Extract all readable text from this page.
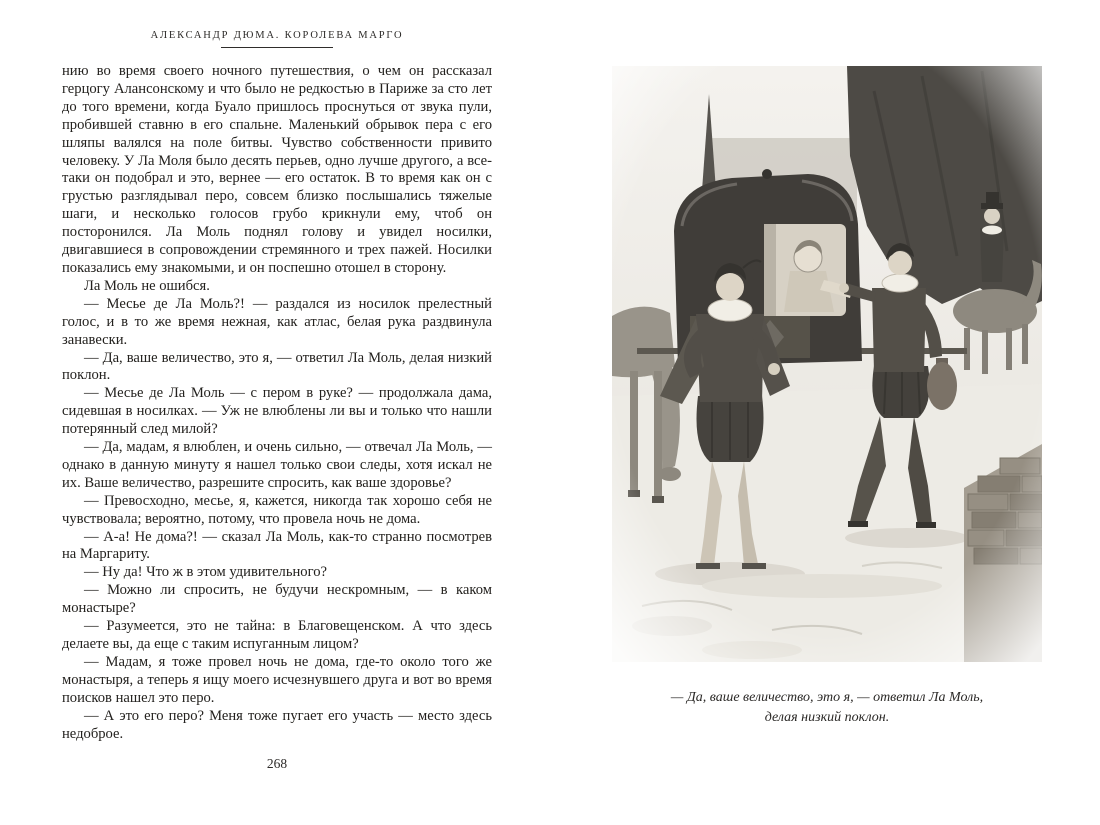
АЛЕКСАНДР ДЮМА. КОРОЛЕВА МАРГО

нию во время своего ночного путешествия, о чем он рассказал герцогу Алансонскому и что было не редкостью в Париже за сто лет до того времени, когда Буало пришлось проснуться от звука пули, пробившей ставню в его спальне. Маленький обрывок пера с его шляпы валялся на поле битвы. Чувство собственности привито человеку. У Ла Моля было десять перьев, одно лучше другого, а все-таки он подобрал и это, вернее — его остаток. В то время как он с грустью разглядывал перо, совсем близко послышались тяжелые шаги, и несколько голосов грубо крикнули ему, чтоб он посторонился. Ла Моль поднял голову и увидел носилки, двигавшиеся в сопровождении стремянного и трех пажей. Носилки показались ему знакомыми, и он поспешно отошел в сторону.

Ла Моль не ошибся.

— Месье де Ла Моль?! — раздался из носилок прелестный голос, и в то же время нежная, как атлас, белая рука раздвинула занавески.

— Да, ваше величество, это я, — ответил Ла Моль, делая низкий поклон.

— Месье де Ла Моль — с пером в руке? — продолжала дама, сидевшая в носилках. — Уж не влюблены ли вы и только что нашли потерянный след милой?

— Да, мадам, я влюблен, и очень сильно, — отвечал Ла Моль, — однако в данную минуту я нашел только свои следы, хотя искал не их. Ваше величество, разрешите спросить, как ваше здоровье?

— Превосходно, месье, я, кажется, никогда так хорошо себя не чувствовала; вероятно, потому, что провела ночь не дома.

— А-а! Не дома?! — сказал Ла Моль, как-то странно посмотрев на Маргариту.

— Ну да! Что ж в этом удивительного?

— Можно ли спросить, не будучи нескромным, — в каком монастыре?

— Разумеется, это не тайна: в Благовещенском. А что здесь делаете вы, да еще с таким испуганным лицом?

— Мадам, я тоже провел ночь не дома, где-то около того же монастыря, а теперь я ищу моего исчезнувшего друга и вот во время поисков нашел это перо.

— А это его перо? Меня тоже пугает его участь — место здесь недоброе.

268
— Да, ваше величество, это я, — ответил Ла Моль,
делая низкий поклон.
